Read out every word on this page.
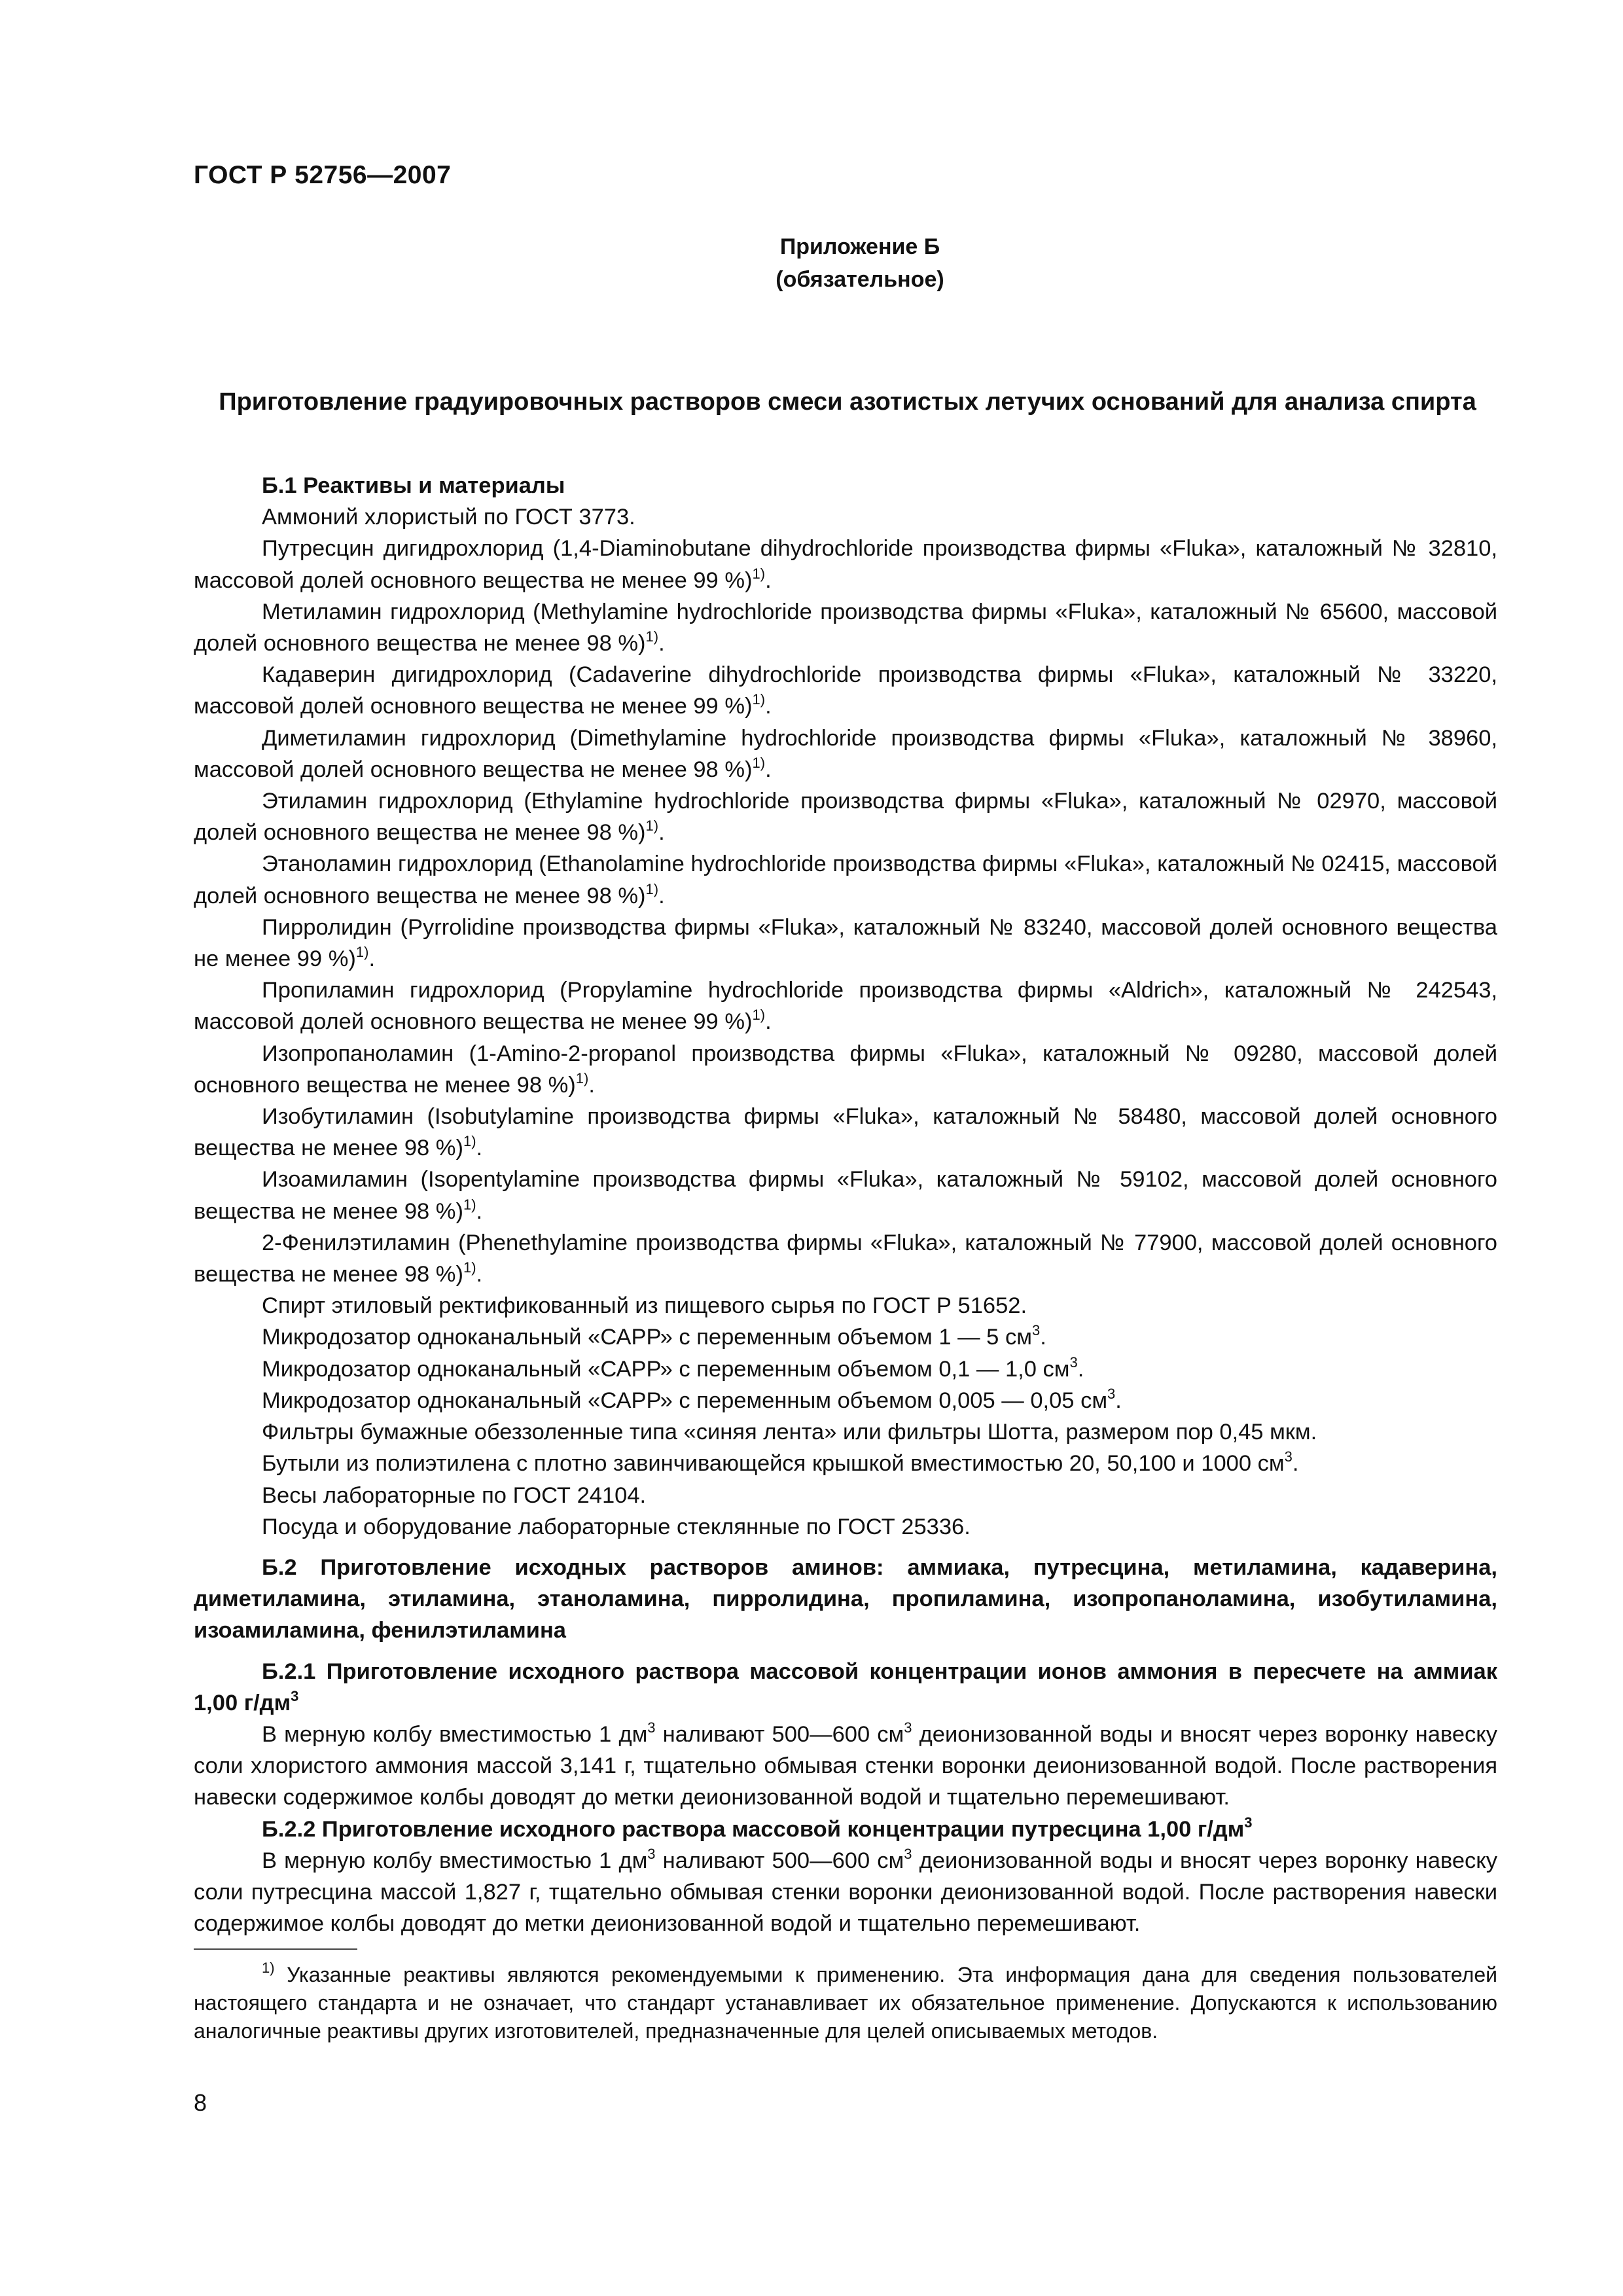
ГОСТ Р 52756—2007
Приложение Б
(обязательное)
Приготовление градуировочных растворов смеси азотистых летучих оснований для анализа спирта

Б.1 Реактивы и материалы

Аммоний хлористый по ГОСТ 3773.

Путресцин дигидрохлорид (1,4-Diaminobutane dihydrochloride производства фирмы «Fluka», каталожный № 32810, массовой долей основного вещества не менее 99 %)$^{1)}$.

Метиламин гидрохлорид (Methylamine hydrochloride производства фирмы «Fluka», каталожный № 65600, массовой долей основного вещества не менее 98 %)$^{1)}$.

Кадаверин дигидрохлорид (Cadaverine dihydrochloride производства фирмы «Fluka», каталожный № 33220, массовой долей основного вещества не менее 99 %)$^{1)}$.

Диметиламин гидрохлорид (Dimethylamine hydrochloride производства фирмы «Fluka», каталожный № 38960, массовой долей основного вещества не менее 98 %)$^{1)}$.

Этиламин гидрохлорид (Ethylamine hydrochloride производства фирмы «Fluka», каталожный № 02970, массовой долей основного вещества не менее 98 %)$^{1)}$.

Этаноламин гидрохлорид (Ethanolamine hydrochloride производства фирмы «Fluka», каталожный № 02415, массовой долей основного вещества не менее 98 %)$^{1)}$.

Пирролидин (Pyrrolidine производства фирмы «Fluka», каталожный № 83240, массовой долей основного вещества не менее 99 %)$^{1)}$.

Пропиламин гидрохлорид (Propylamine hydrochloride производства фирмы «Aldrich», каталожный № 242543, массовой долей основного вещества не менее 99 %)$^{1)}$.

Изопропаноламин (1-Amino-2-propanol производства фирмы «Fluka», каталожный № 09280, массовой долей основного вещества не менее 98 %)$^{1)}$.

Изобутиламин (Isobutylamine производства фирмы «Fluka», каталожный № 58480, массовой долей основного вещества не менее 98 %)$^{1)}$.

Изоамиламин (Isopentylamine производства фирмы «Fluka», каталожный № 59102, массовой долей основного вещества не менее 98 %)$^{1)}$.

2-Фенилэтиламин (Phenethylamine производства фирмы «Fluka», каталожный № 77900, массовой долей основного вещества не менее 98 %)$^{1)}$.

Спирт этиловый ректификованный из пищевого сырья по ГОСТ Р 51652.

Микродозатор одноканальный «САРР» с переменным объемом 1 — 5 $см^3$.

Микродозатор одноканальный «САРР» с переменным объемом 0,1 — 1,0 $см^3$.

Микродозатор одноканальный «САРР» с переменным объемом 0,005 — 0,05 $см^3$.

Фильтры бумажные обеззоленные типа «синяя лента» или фильтры Шотта, размером пор 0,45 мкм.

Бутыли из полиэтилена с плотно завинчивающейся крышкой вместимостью 20, 50,100 и 1000 $см^3$.

Весы лабораторные по ГОСТ 24104.

Посуда и оборудование лабораторные стеклянные по ГОСТ 25336.

Б.2 Приготовление исходных растворов аминов: аммиака, путресцина, метиламина, кадаверина, диметиламина, этиламина, этаноламина, пирролидина, пропиламина, изопропаноламина, изобутиламина, изоамиламина, фенилэтиламина

Б.2.1 Приготовление исходного раствора массовой концентрации ионов аммония в пересчете на аммиак 1,00 $г/дм^3$

В мерную колбу вместимостью 1 $дм^3$ наливают 500—600 $см^3$ деионизованной воды и вносят через воронку навеску соли хлористого аммония массой 3,141 г, тщательно обмывая стенки воронки деионизованной водой. После растворения навески содержимое колбы доводят до метки деионизованной водой и тщательно перемешивают.

Б.2.2 Приготовление исходного раствора массовой концентрации путресцина 1,00 $г/дм^3$

В мерную колбу вместимостью 1 $дм^3$ наливают 500—600 $см^3$ деионизованной воды и вносят через воронку навеску соли путресцина массой 1,827 г, тщательно обмывая стенки воронки деионизованной водой. После растворения навески содержимое колбы доводят до метки деионизованной водой и тщательно перемешивают.

$^{1)}$ Указанные реактивы являются рекомендуемыми к применению. Эта информация дана для сведения пользователей настоящего стандарта и не означает, что стандарт устанавливает их обязательное применение. Допускаются к использованию аналогичные реактивы других изготовителей, предназначенные для целей описываемых методов.

8
